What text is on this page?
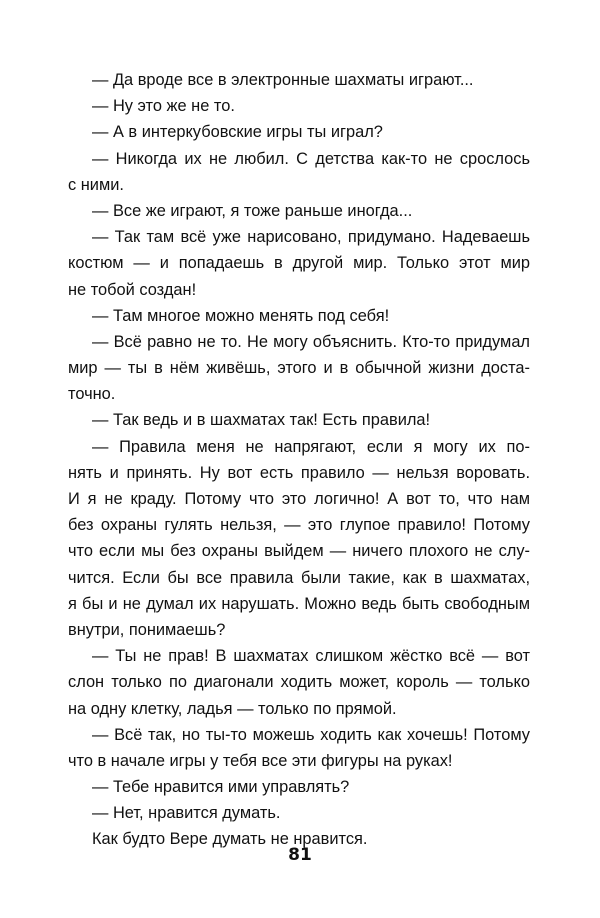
— Да вроде все в электронные шахматы играют...
— Ну это же не то.
— А в интеркубовские игры ты играл?
— Никогда их не любил. С детства как-то не срослось
с ними.
— Все же играют, я тоже раньше иногда...
— Так там всё уже нарисовано, придумано. Надеваешь
костюм — и попадаешь в другой мир. Только этот мир
не тобой создан!
— Там многое можно менять под себя!
— Всё равно не то. Не могу объяснить. Кто-то придумал
мир — ты в нём живёшь, этого и в обычной жизни доста-
точно.
— Так ведь и в шахматах так! Есть правила!
— Правила меня не напрягают, если я могу их по-
нять и принять. Ну вот есть правило — нельзя воровать.
И я не краду. Потому что это логично! А вот то, что нам
без охраны гулять нельзя, — это глупое правило! Потому
что если мы без охраны выйдем — ничего плохого не слу-
чится. Если бы все правила были такие, как в шахматах,
я бы и не думал их нарушать. Можно ведь быть свободным
внутри, понимаешь?
— Ты не прав! В шахматах слишком жёстко всё — вот
слон только по диагонали ходить может, король — только
на одну клетку, ладья — только по прямой.
— Всё так, но ты-то можешь ходить как хочешь! Потому
что в начале игры у тебя все эти фигуры на руках!
— Тебе нравится ими управлять?
— Нет, нравится думать.
Как будто Вере думать не нравится.
81
